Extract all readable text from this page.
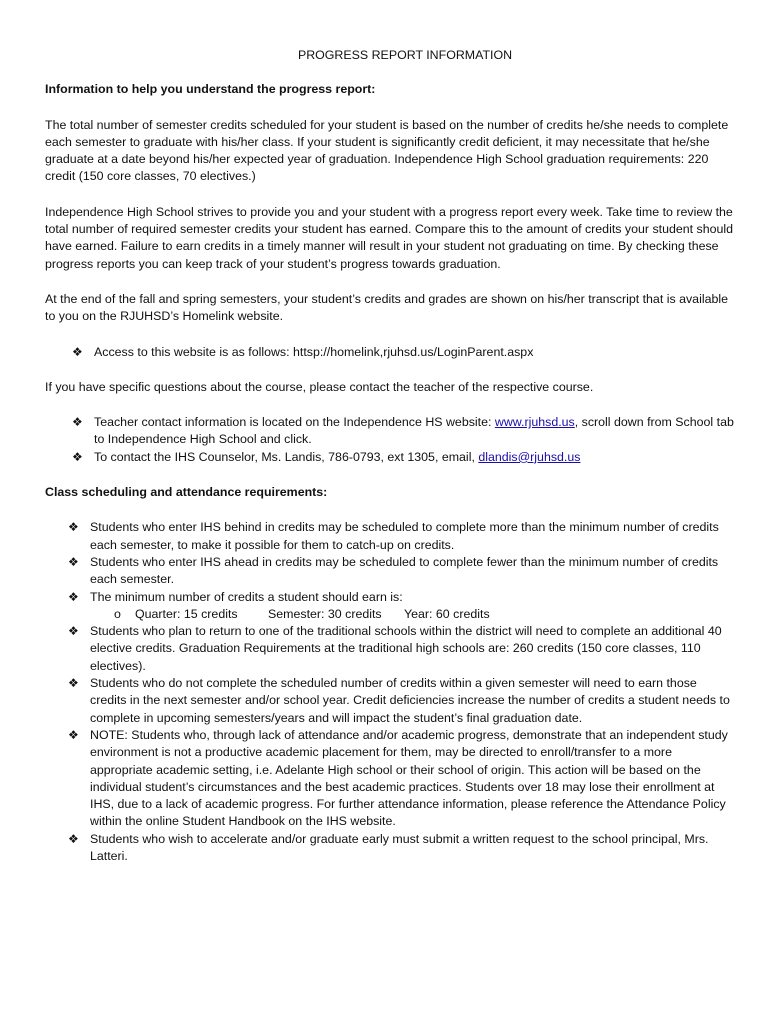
PROGRESS REPORT INFORMATION

Information to help you understand the progress report:

The total number of semester credits scheduled for your student is based on the number of credits he/she needs to complete each semester to graduate with his/her class. If your student is significantly credit deficient, it may necessitate that he/she graduate at a date beyond his/her expected year of graduation. Independence High School graduation requirements: 220 credit (150 core classes, 70 electives.)

Independence High School strives to provide you and your student with a progress report every week. Take time to review the total number of required semester credits your student has earned. Compare this to the amount of credits your student should have earned. Failure to earn credits in a timely manner will result in your student not graduating on time. By checking these progress reports you can keep track of your student’s progress towards graduation.

At the end of the fall and spring semesters, your student’s credits and grades are shown on his/her transcript that is available to you on the RJUHSD’s Homelink website.

❖ Access to this website is as follows: httsp://homelink,rjuhsd.us/LoginParent.aspx

If you have specific questions about the course, please contact the teacher of the respective course.

❖ Teacher contact information is located on the Independence HS website: www.rjuhsd.us, scroll down from School tab to Independence High School and click.
❖ To contact the IHS Counselor, Ms. Landis, 786-0793, ext 1305, email, dlandis@rjuhsd.us

Class scheduling and attendance requirements:

❖ Students who enter IHS behind in credits may be scheduled to complete more than the minimum number of credits each semester, to make it possible for them to catch-up on credits.
❖ Students who enter IHS ahead in credits may be scheduled to complete fewer than the minimum number of credits each semester.
❖ The minimum number of credits a student should earn is:
o Quarter: 15 credits Semester: 30 credits Year: 60 credits
❖ Students who plan to return to one of the traditional schools within the district will need to complete an additional 40 elective credits. Graduation Requirements at the traditional high schools are: 260 credits (150 core classes, 110 electives).
❖ Students who do not complete the scheduled number of credits within a given semester will need to earn those credits in the next semester and/or school year. Credit deficiencies increase the number of credits a student needs to complete in upcoming semesters/years and will impact the student’s final graduation date.
❖ NOTE: Students who, through lack of attendance and/or academic progress, demonstrate that an independent study environment is not a productive academic placement for them, may be directed to enroll/transfer to a more appropriate academic setting, i.e. Adelante High school or their school of origin. This action will be based on the individual student’s circumstances and the best academic practices. Students over 18 may lose their enrollment at IHS, due to a lack of academic progress. For further attendance information, please reference the Attendance Policy within the online Student Handbook on the IHS website.
❖ Students who wish to accelerate and/or graduate early must submit a written request to the school principal, Mrs. Latteri.
